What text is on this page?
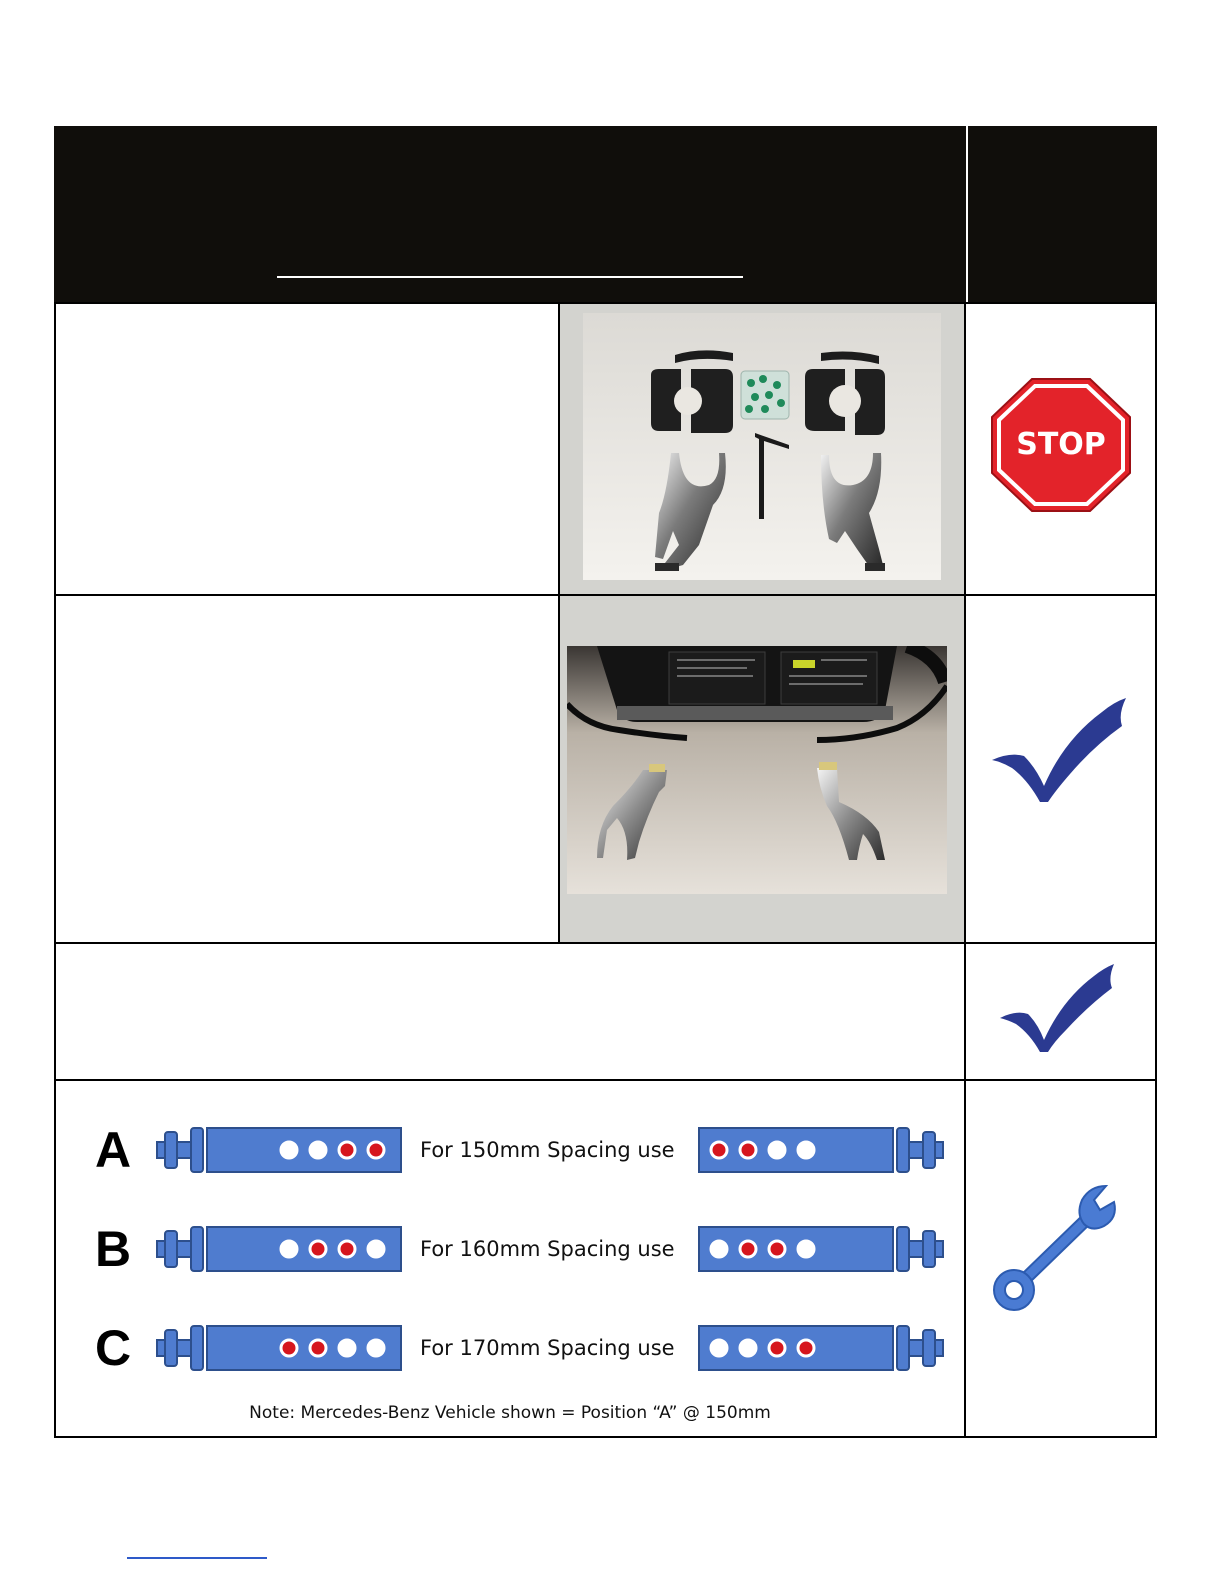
STOP
A	For 150mm Spacing use
B	For 160mm Spacing use
C	For 170mm Spacing use
Note: Mercedes-Benz Vehicle shown = Position “A” @ 150mm
